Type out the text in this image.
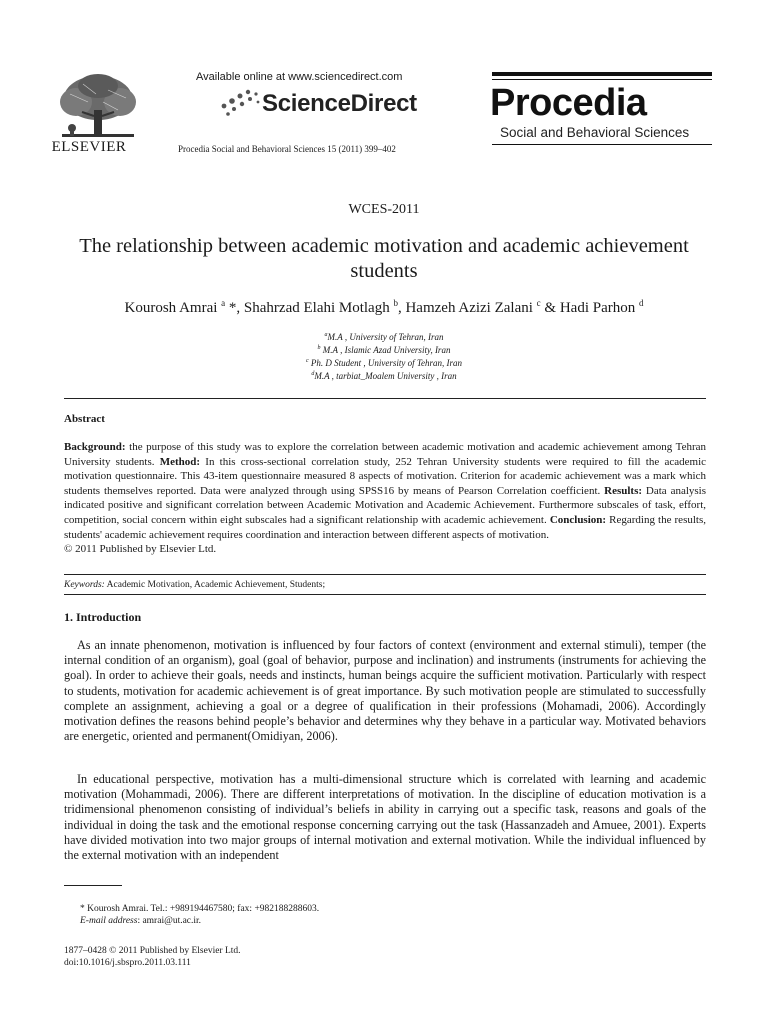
ELSEVIER
Available online at www.sciencedirect.com
ScienceDirect
Procedia Social and Behavioral Sciences 15 (2011) 399–402
Procedia
Social and Behavioral Sciences
WCES-2011
The relationship between academic motivation and academic achievement students
Kourosh Amrai $^a$ *, Shahrzad Elahi Motlagh $^b$, Hamzeh Azizi Zalani $^c$ & Hadi Parhon $^d$
$^a$M.A , University of Tehran, Iran
$^b$ M.A , Islamic Azad University, Iran
$^c$ Ph. D Student , University of Tehran, Iran
$^d$M.A , tarbiat_Moalem University , Iran
Abstract
Background: the purpose of this study was to explore the correlation between academic motivation and academic achievement among Tehran University students. Method: In this cross-sectional correlation study, 252 Tehran University students were required to fill the academic motivation questionnaire. This 43-item questionnaire measured 8 aspects of motivation. Criterion for academic achievement was a mark which students themselves reported. Data were analyzed through using SPSS16 by means of Pearson Correlation coefficient. Results: Data analysis indicated positive and significant correlation between Academic Motivation and Academic Achievement. Furthermore subscales of task, effort, competition, social concern within eight subscales had a significant relationship with academic achievement. Conclusion: Regarding the results, students' academic achievement requires coordination and interaction between different aspects of motivation.
© 2011 Published by Elsevier Ltd.
Keywords: Academic Motivation, Academic Achievement, Students;
1. Introduction
As an innate phenomenon, motivation is influenced by four factors of context (environment and external stimuli), temper (the internal condition of an organism), goal (goal of behavior, purpose and inclination) and instruments (instruments for achieving the goal). In order to achieve their goals, needs and instincts, human beings acquire the sufficient motivation. Particularly with respect to students, motivation for academic achievement is of great importance. By such motivation people are stimulated to successfully complete an assignment, achieving a goal or a degree of qualification in their professions (Mohamadi, 2006). Accordingly motivation defines the reasons behind people’s behavior and determines why they behave in a particular way. Motivated behaviors are energetic, oriented and permanent(Omidiyan, 2006).
In educational perspective, motivation has a multi-dimensional structure which is correlated with learning and academic motivation (Mohammadi, 2006). There are different interpretations of motivation. In the discipline of education motivation is a tridimensional phenomenon consisting of individual’s beliefs in ability in carrying out a specific task, reasons and goals of the individual in doing the task and the emotional response concerning carrying out the task (Hassanzadeh and Amuee, 2001). Experts have divided motivation into two major groups of internal motivation and external motivation. While the individual influenced by the external motivation with an independent
* Kourosh Amrai. Tel.: +989194467580; fax: +982188288603.
E-mail address: amrai@ut.ac.ir.
1877–0428 © 2011 Published by Elsevier Ltd.
doi:10.1016/j.sbspro.2011.03.111
